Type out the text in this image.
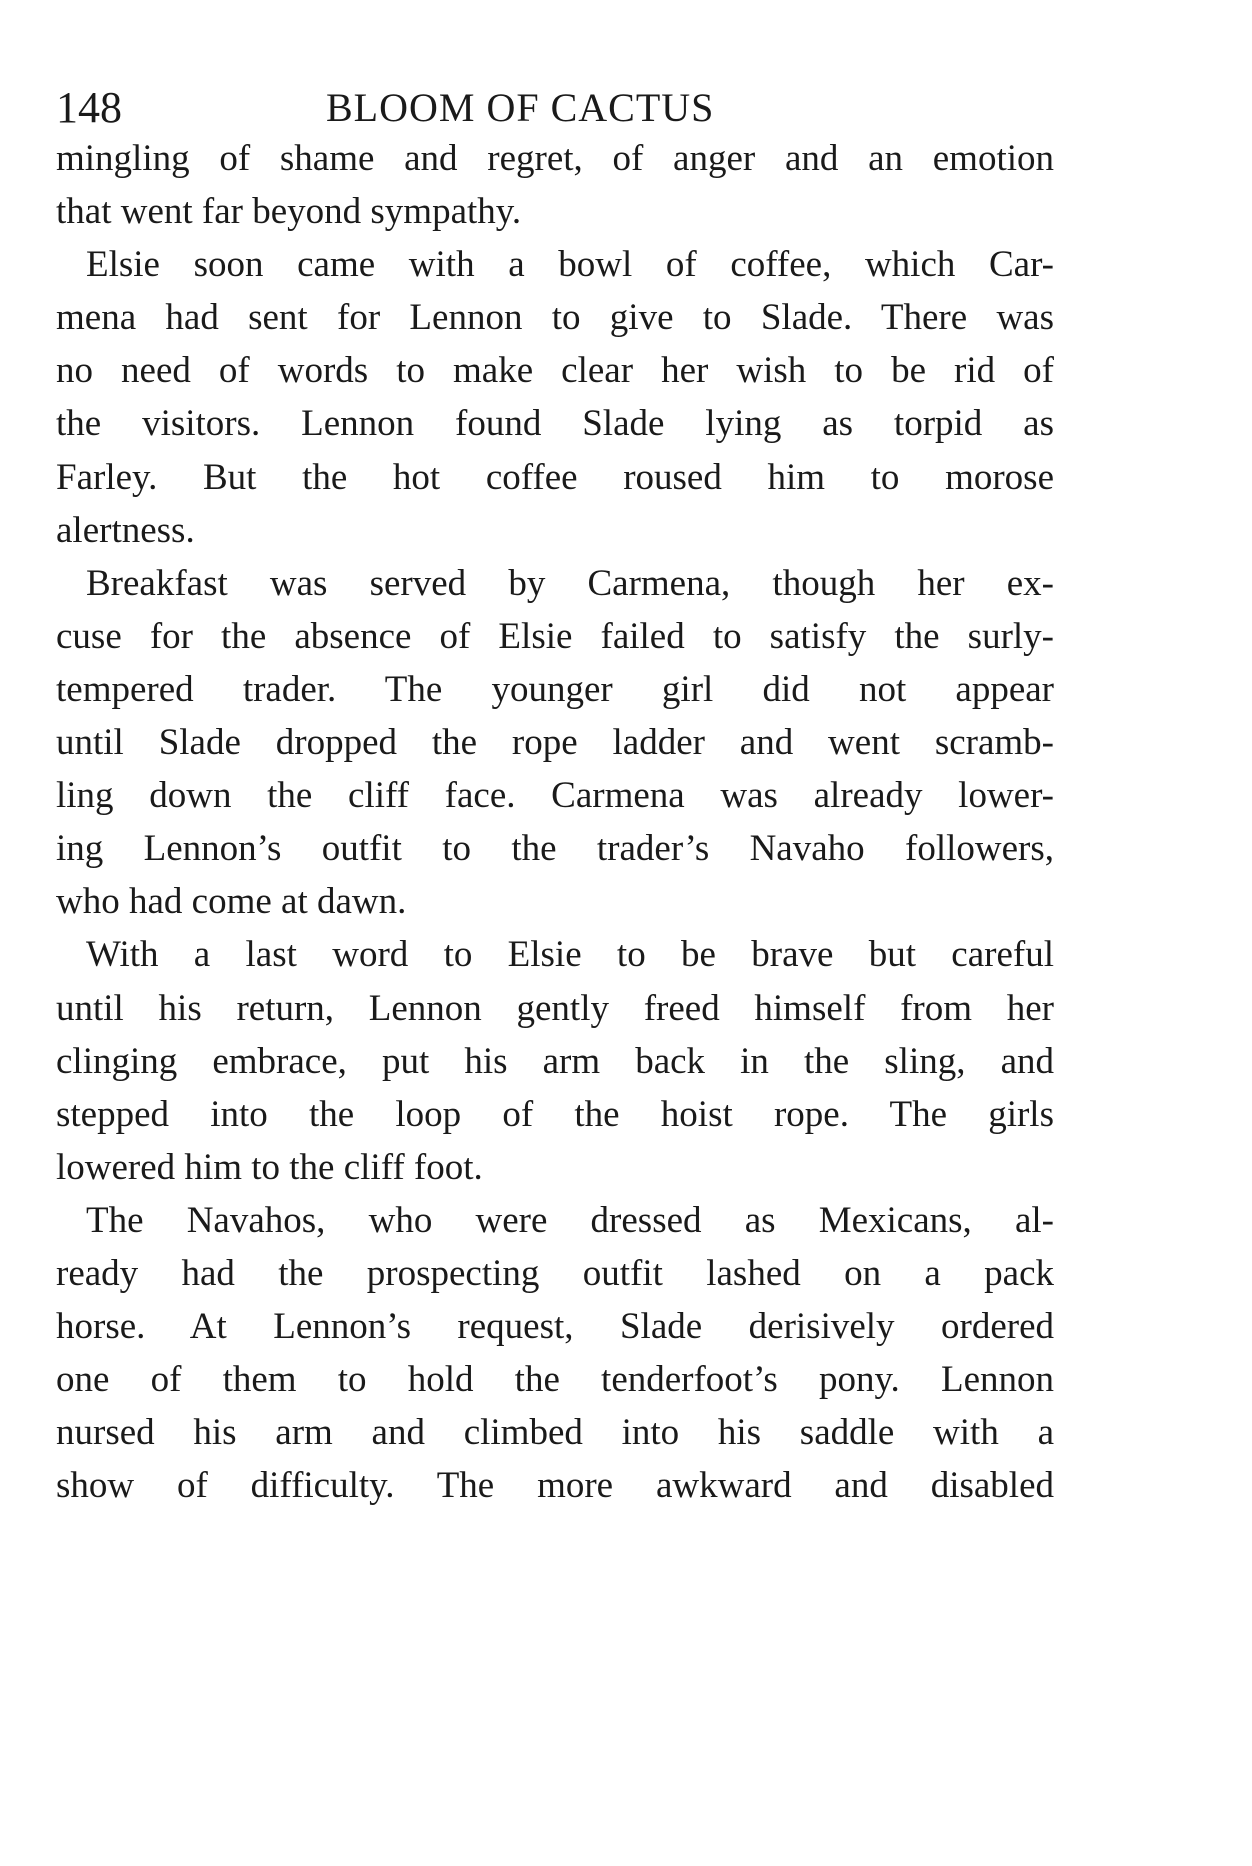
148	BLOOM OF CACTUS
mingling of shame and regret, of anger and an emotion
that went far beyond sympathy.
Elsie soon came with a bowl of coffee, which Car-
mena had sent for Lennon to give to Slade. There was
no need of words to make clear her wish to be rid of
the visitors. Lennon found Slade lying as torpid as
Farley. But the hot coffee roused him to morose
alertness.
Breakfast was served by Carmena, though her ex-
cuse for the absence of Elsie failed to satisfy the surly-
tempered trader. The younger girl did not appear
until Slade dropped the rope ladder and went scramb-
ling down the cliff face. Carmena was already lower-
ing Lennon’s outfit to the trader’s Navaho followers,
who had come at dawn.
With a last word to Elsie to be brave but careful
until his return, Lennon gently freed himself from her
clinging embrace, put his arm back in the sling, and
stepped into the loop of the hoist rope. The girls
lowered him to the cliff foot.
The Navahos, who were dressed as Mexicans, al-
ready had the prospecting outfit lashed on a pack
horse. At Lennon’s request, Slade derisively ordered
one of them to hold the tenderfoot’s pony. Lennon
nursed his arm and climbed into his saddle with a
show of difficulty. The more awkward and disabled
